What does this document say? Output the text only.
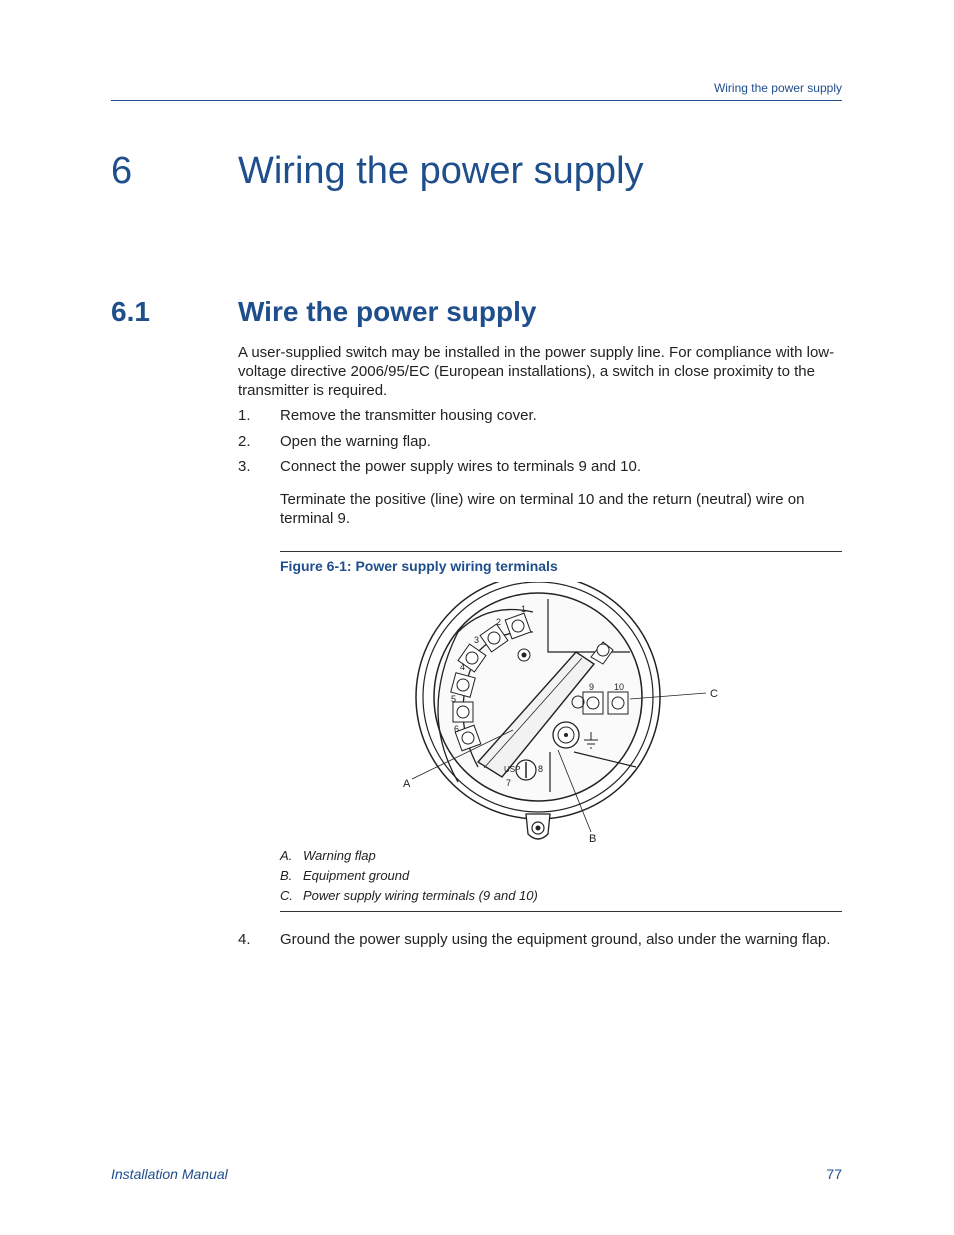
Wiring the power supply
6	Wiring the power supply
6.1	Wire the power supply
A user-supplied switch may be installed in the power supply line. For compliance with low-voltage directive 2006/95/EC (European installations), a switch in close proximity to the transmitter is required.
1. Remove the transmitter housing cover.
2. Open the warning flap.
3. Connect the power supply wires to terminals 9 and 10.
Terminate the positive (line) wire on terminal 10 and the return (neutral) wire on terminal 9.
Figure 6-1: Power supply wiring terminals
1
2
3
4
5
6
7
8
9 10
USP
A
B
C
A. Warning flap
B. Equipment ground
C. Power supply wiring terminals (9 and 10)
4. Ground the power supply using the equipment ground, also under the warning flap.
Installation Manual	77
